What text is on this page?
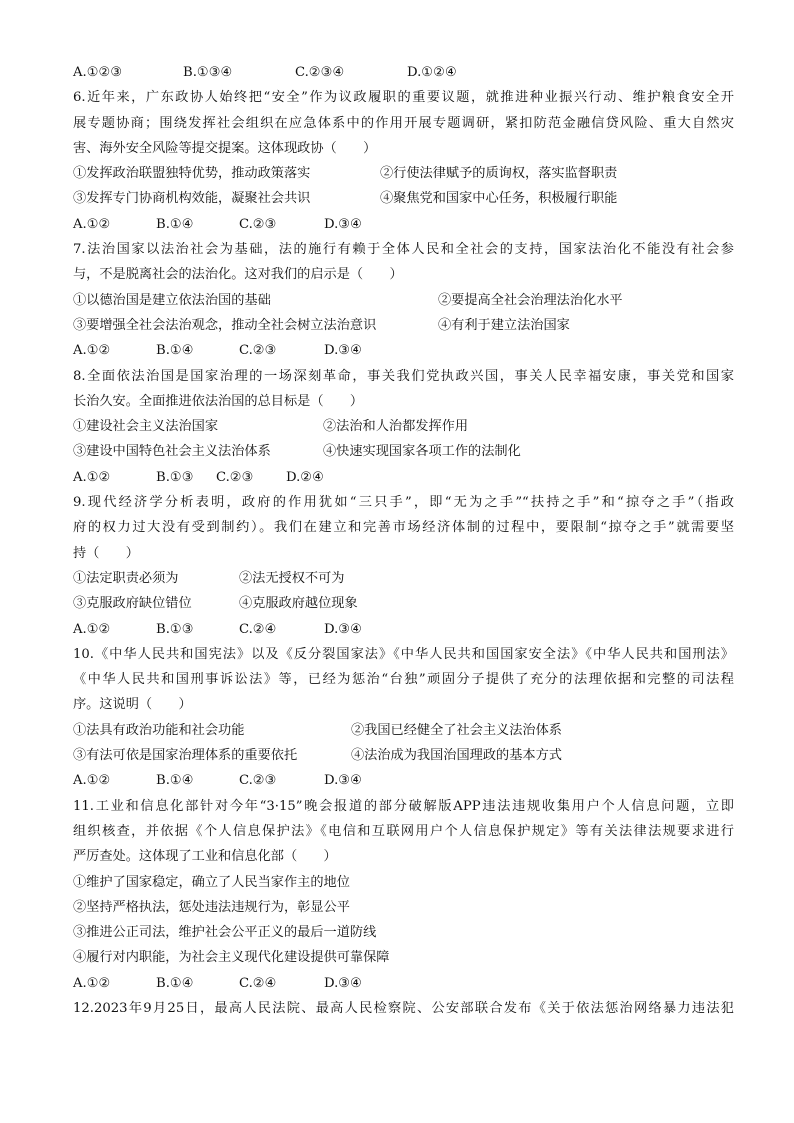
A.①②③	B.①③④	C.②③④	D.①②④
6.近年来，广东政协人始终把“安全”作为议政履职的重要议题，就推进种业振兴行动、维护粮食安全开
展专题协商；围绕发挥社会组织在应急体系中的作用开展专题调研，紧扣防范金融信贷风险、重大自然灾
害、海外安全风险等提交提案。这体现政协（　　）
①发挥政治联盟独特优势，推动政策落实	②行使法律赋予的质询权，落实监督职责
③发挥专门协商机构效能，凝聚社会共识	④聚焦党和国家中心任务，积极履行职能
A.①②	B.①④	C.②③	D.③④
7.法治国家以法治社会为基础，法的施行有赖于全体人民和全社会的支持，国家法治化不能没有社会参
与，不是脱离社会的法治化。这对我们的启示是（　　）
①以德治国是建立依法治国的基础	②要提高全社会治理法治化水平
③要增强全社会法治观念，推动全社会树立法治意识	④有利于建立法治国家
A.①②	B.①④	C.②③	D.③④
8.全面依法治国是国家治理的一场深刻革命，事关我们党执政兴国，事关人民幸福安康，事关党和国家
长治久安。全面推进依法治国的总目标是（　　）
①建设社会主义法治国家	②法治和人治都发挥作用
③建设中国特色社会主义法治体系	④快速实现国家各项工作的法制化
A.①②	B.①③ C.②③ D.②④
9.现代经济学分析表明，政府的作用犹如“三只手”，即“无为之手”“扶持之手”和“掠夺之手”（指政
府的权力过大没有受到制约）。我们在建立和完善市场经济体制的过程中，要限制“掠夺之手”就需要坚
持（　　）
①法定职责必须为	②法无授权不可为
③克服政府缺位错位	④克服政府越位现象
A.①②	B.①③	C.②④	D.③④
10.《中华人民共和国宪法》以及《反分裂国家法》《中华人民共和国国家安全法》《中华人民共和国刑法》
《中华人民共和国刑事诉讼法》等，已经为惩治“台独”顽固分子提供了充分的法理依据和完整的司法程
序。这说明（　　）
①法具有政治功能和社会功能	②我国已经健全了社会主义法治体系
③有法可依是国家治理体系的重要依托	④法治成为我国治国理政的基本方式
A.①②	B.①④	C.②③	D.③④
11.工业和信息化部针对今年“3·15”晚会报道的部分破解版APP违法违规收集用户个人信息问题，立即
组织核查，并依据《个人信息保护法》《电信和互联网用户个人信息保护规定》等有关法律法规要求进行
严厉查处。这体现了工业和信息化部（　　）
①维护了国家稳定，确立了人民当家作主的地位
②坚持严格执法，惩处违法违规行为，彰显公平
③推进公正司法，维护社会公平正义的最后一道防线
④履行对内职能，为社会主义现代化建设提供可靠保障
A.①②	B.①④	C.②④	D.③④
12.2023年9月25日，最高人民法院、最高人民检察院、公安部联合发布《关于依法惩治网络暴力违法犯
